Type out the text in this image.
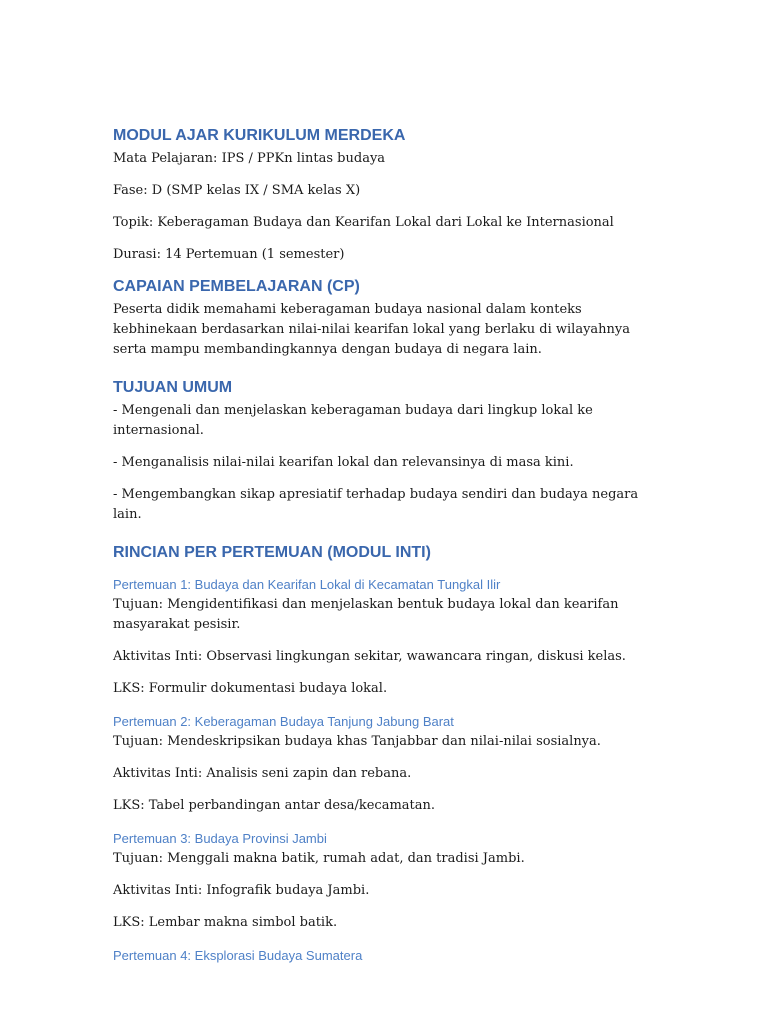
MODUL AJAR KURIKULUM MERDEKA

Mata Pelajaran: IPS / PPKn lintas budaya

Fase: D (SMP kelas IX / SMA kelas X)

Topik: Keberagaman Budaya dan Kearifan Lokal dari Lokal ke Internasional

Durasi: 14 Pertemuan (1 semester)

CAPAIAN PEMBELAJARAN (CP)

Peserta didik memahami keberagaman budaya nasional dalam konteks kebhinekaan berdasarkan nilai-nilai kearifan lokal yang berlaku di wilayahnya serta mampu membandingkannya dengan budaya di negara lain.

TUJUAN UMUM

- Mengenali dan menjelaskan keberagaman budaya dari lingkup lokal ke internasional.

- Menganalisis nilai-nilai kearifan lokal dan relevansinya di masa kini.

- Mengembangkan sikap apresiatif terhadap budaya sendiri dan budaya negara lain.

RINCIAN PER PERTEMUAN (MODUL INTI)
Pertemuan 1: Budaya dan Kearifan Lokal di Kecamatan Tungkal Ilir

Tujuan: Mengidentifikasi dan menjelaskan bentuk budaya lokal dan kearifan masyarakat pesisir.

Aktivitas Inti: Observasi lingkungan sekitar, wawancara ringan, diskusi kelas.

LKS: Formulir dokumentasi budaya lokal.

Pertemuan 2: Keberagaman Budaya Tanjung Jabung Barat

Tujuan: Mendeskripsikan budaya khas Tanjabbar dan nilai-nilai sosialnya.

Aktivitas Inti: Analisis seni zapin dan rebana.

LKS: Tabel perbandingan antar desa/kecamatan.

Pertemuan 3: Budaya Provinsi Jambi

Tujuan: Menggali makna batik, rumah adat, dan tradisi Jambi.

Aktivitas Inti: Infografik budaya Jambi.

LKS: Lembar makna simbol batik.

Pertemuan 4: Eksplorasi Budaya Sumatera
